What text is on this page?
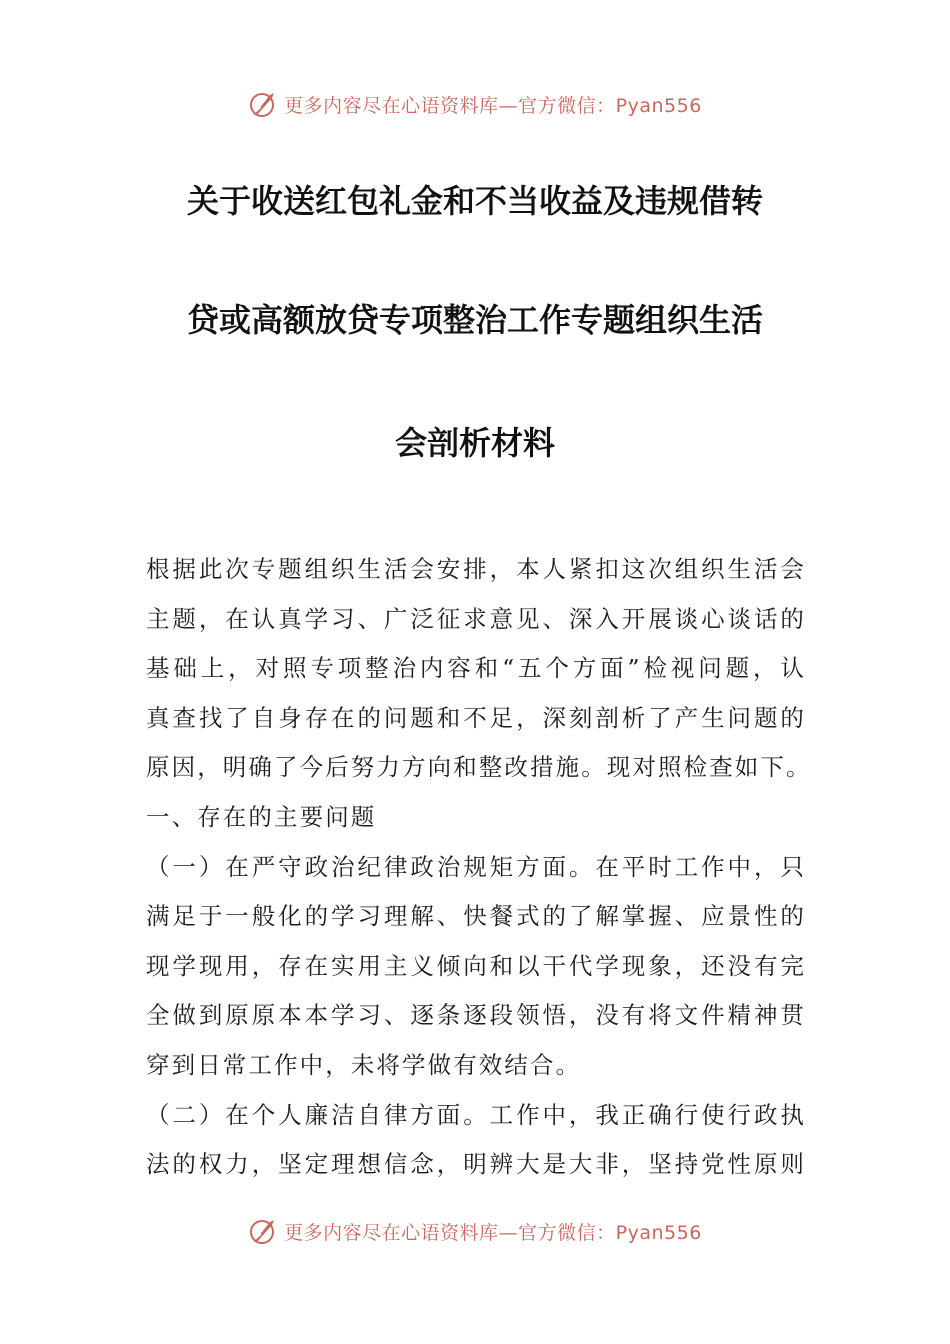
更多内容尽在心语资料库—官方微信：Pyan556
关于收送红包礼金和不当收益及违规借转
贷或高额放贷专项整治工作专题组织生活
会剖析材料
根据此次专题组织生活会安排，本人紧扣这次组织生活会
主题，在认真学习、广泛征求意见、深入开展谈心谈话的
基础上，对照专项整治内容和“五个方面”检视问题，认
真查找了自身存在的问题和不足，深刻剖析了产生问题的
原因，明确了今后努力方向和整改措施。现对照检查如下。
一、存在的主要问题
（一）在严守政治纪律政治规矩方面。在平时工作中，只
满足于一般化的学习理解、快餐式的了解掌握、应景性的
现学现用，存在实用主义倾向和以干代学现象，还没有完
全做到原原本本学习、逐条逐段领悟，没有将文件精神贯
穿到日常工作中，未将学做有效结合。
（二）在个人廉洁自律方面。工作中，我正确行使行政执
法的权力，坚定理想信念，明辨大是大非，坚持党性原则
更多内容尽在心语资料库—官方微信：Pyan556
